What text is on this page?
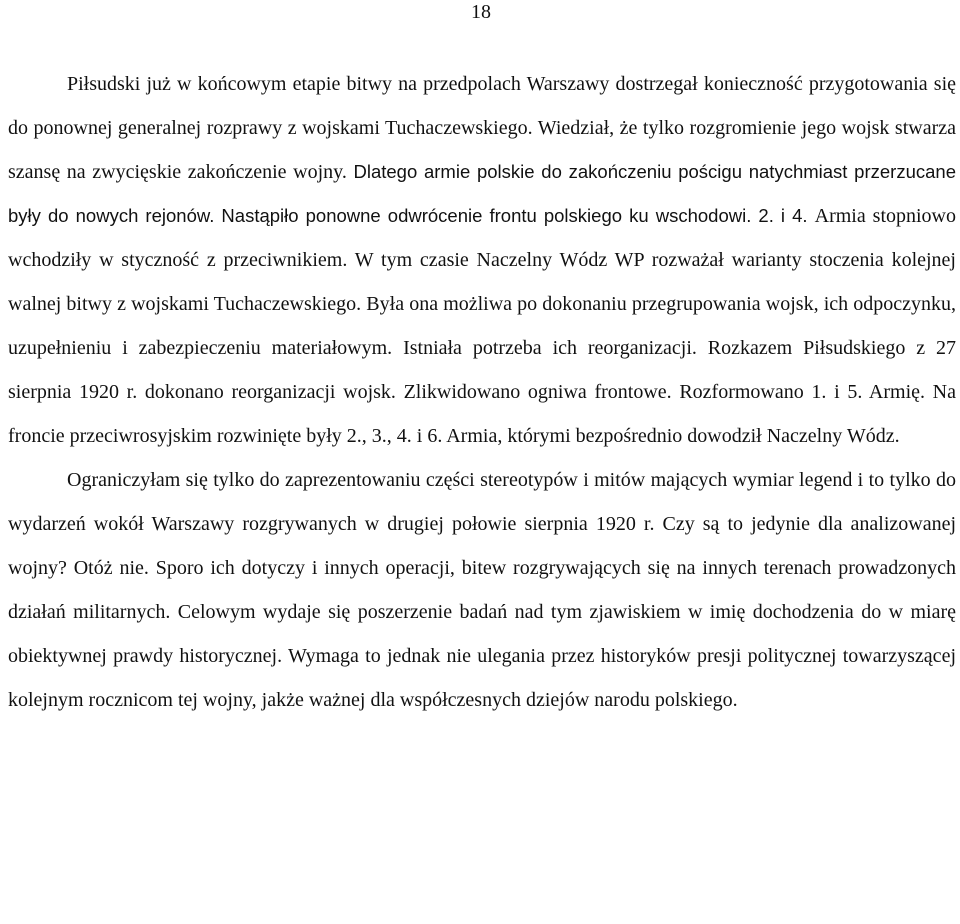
18

Piłsudski już w końcowym etapie bitwy na przedpolach Warszawy dostrzegał konieczność przygotowania się do ponownej generalnej rozprawy z wojskami Tuchaczewskiego. Wiedział, że tylko rozgromienie jego wojsk stwarza szansę na zwycięskie zakończenie wojny. Dlatego armie polskie do zakończeniu pościgu natychmiast przerzucane były do nowych rejonów. Nastąpiło ponowne odwrócenie frontu polskiego ku wschodowi. 2. i 4. Armia stopniowo wchodziły w styczność z przeciwnikiem. W tym czasie Naczelny Wódz WP rozważał warianty stoczenia kolejnej walnej bitwy z wojskami Tuchaczewskiego. Była ona możliwa po dokonaniu przegrupowania wojsk, ich odpoczynku, uzupełnieniu i zabezpieczeniu materiałowym. Istniała potrzeba ich reorganizacji. Rozkazem Piłsudskiego z 27 sierpnia 1920 r. dokonano reorganizacji wojsk. Zlikwidowano ogniwa frontowe. Rozformowano 1. i 5. Armię. Na froncie przeciwrosyjskim rozwinięte były 2., 3., 4. i 6. Armia, którymi bezpośrednio dowodził Naczelny Wódz.

Ograniczyłam się tylko do zaprezentowaniu części stereotypów i mitów mających wymiar legend i to tylko do wydarzeń wokół Warszawy rozgrywanych w drugiej połowie sierpnia 1920 r. Czy są to jedynie dla analizowanej wojny? Otóż nie. Sporo ich dotyczy i innych operacji, bitew rozgrywających się na innych terenach prowadzonych działań militarnych. Celowym wydaje się poszerzenie badań nad tym zjawiskiem w imię dochodzenia do w miarę obiektywnej prawdy historycznej. Wymaga to jednak nie ulegania przez historyków presji politycznej towarzyszącej kolejnym rocznicom tej wojny, jakże ważnej dla współczesnych dziejów narodu polskiego.
